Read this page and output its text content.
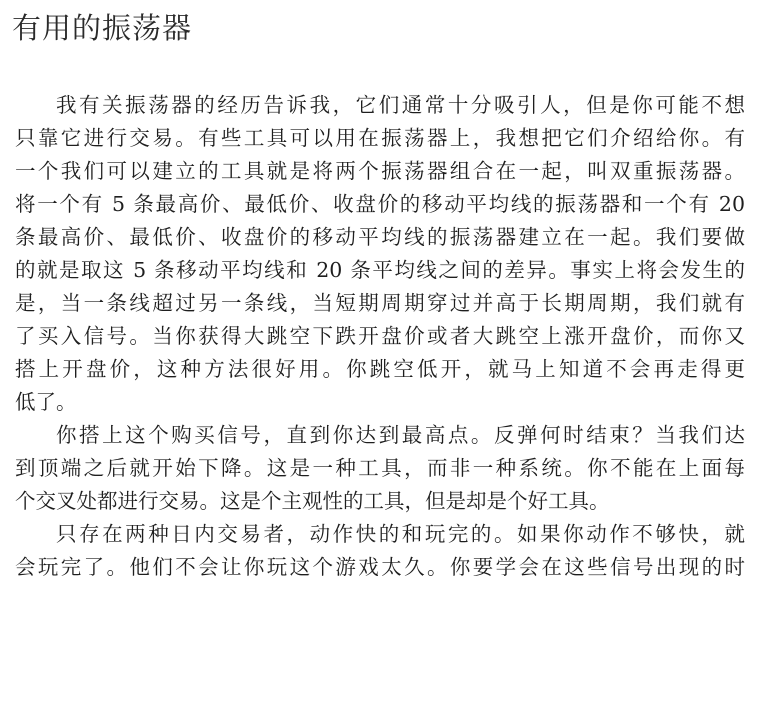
有用的振荡器
我有关振荡器的经历告诉我，它们通常十分吸引人，但是你可能不想
只靠它进行交易。有些工具可以用在振荡器上，我想把它们介绍给你。有
一个我们可以建立的工具就是将两个振荡器组合在一起，叫双重振荡器。
将一个有 5 条最高价、最低价、收盘价的移动平均线的振荡器和一个有 20
条最高价、最低价、收盘价的移动平均线的振荡器建立在一起。我们要做
的就是取这 5 条移动平均线和 20 条平均线之间的差异。事实上将会发生的
是，当一条线超过另一条线，当短期周期穿过并高于长期周期，我们就有
了买入信号。当你获得大跳空下跌开盘价或者大跳空上涨开盘价，而你又
搭上开盘价，这种方法很好用。你跳空低开，就马上知道不会再走得更
低了。
你搭上这个购买信号，直到你达到最高点。反弹何时结束？当我们达
到顶端之后就开始下降。这是一种工具，而非一种系统。你不能在上面每
个交叉处都进行交易。这是个主观性的工具，但是却是个好工具。
只存在两种日内交易者，动作快的和玩完的。如果你动作不够快，就
会玩完了。他们不会让你玩这个游戏太久。你要学会在这些信号出现的时
